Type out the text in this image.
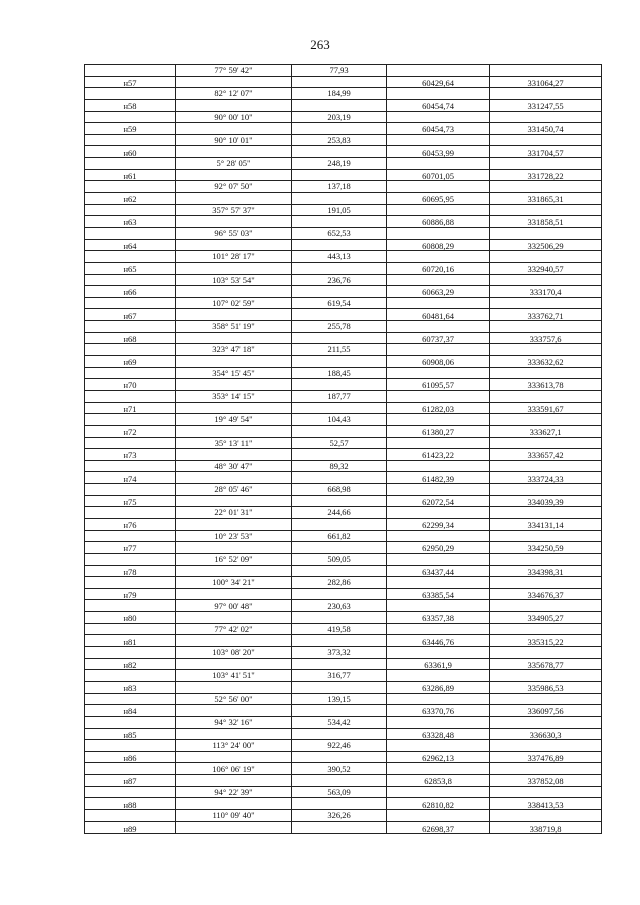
263
	77° 59' 42"	77,93		
н57			60429,64	331064,27
	82° 12' 07"	184,99		
н58			60454,74	331247,55
	90° 00' 10"	203,19		
н59			60454,73	331450,74
	90° 10' 01"	253,83		
н60			60453,99	331704,57
	5° 28' 05"	248,19		
н61			60701,05	331728,22
	92° 07' 50"	137,18		
н62			60695,95	331865,31
	357° 57' 37"	191,05		
н63			60886,88	331858,51
	96° 55' 03"	652,53		
н64			60808,29	332506,29
	101° 28' 17"	443,13		
н65			60720,16	332940,57
	103° 53' 54"	236,76		
н66			60663,29	333170,4
	107° 02' 59"	619,54		
н67			60481,64	333762,71
	358° 51' 19"	255,78		
н68			60737,37	333757,6
	323° 47' 18"	211,55		
н69			60908,06	333632,62
	354° 15' 45"	188,45		
н70			61095,57	333613,78
	353° 14' 15"	187,77		
н71			61282,03	333591,67
	19° 49' 54"	104,43		
н72			61380,27	333627,1
	35° 13' 11"	52,57		
н73			61423,22	333657,42
	48° 30' 47"	89,32		
н74			61482,39	333724,33
	28° 05' 46"	668,98		
н75			62072,54	334039,39
	22° 01' 31"	244,66		
н76			62299,34	334131,14
	10° 23' 53"	661,82		
н77			62950,29	334250,59
	16° 52' 09"	509,05		
н78			63437,44	334398,31
	100° 34' 21"	282,86		
н79			63385,54	334676,37
	97° 00' 48"	230,63		
н80			63357,38	334905,27
	77° 42' 02"	419,58		
н81			63446,76	335315,22
	103° 08' 20"	373,32		
н82			63361,9	335678,77
	103° 41' 51"	316,77		
н83			63286,89	335986,53
	52° 56' 00"	139,15		
н84			63370,76	336097,56
	94° 32' 16"	534,42		
н85			63328,48	336630,3
	113° 24' 00"	922,46		
н86			62962,13	337476,89
	106° 06' 19"	390,52		
н87			62853,8	337852,08
	94° 22' 39"	563,09		
н88			62810,82	338413,53
	110° 09' 40"	326,26		
н89			62698,37	338719,8
